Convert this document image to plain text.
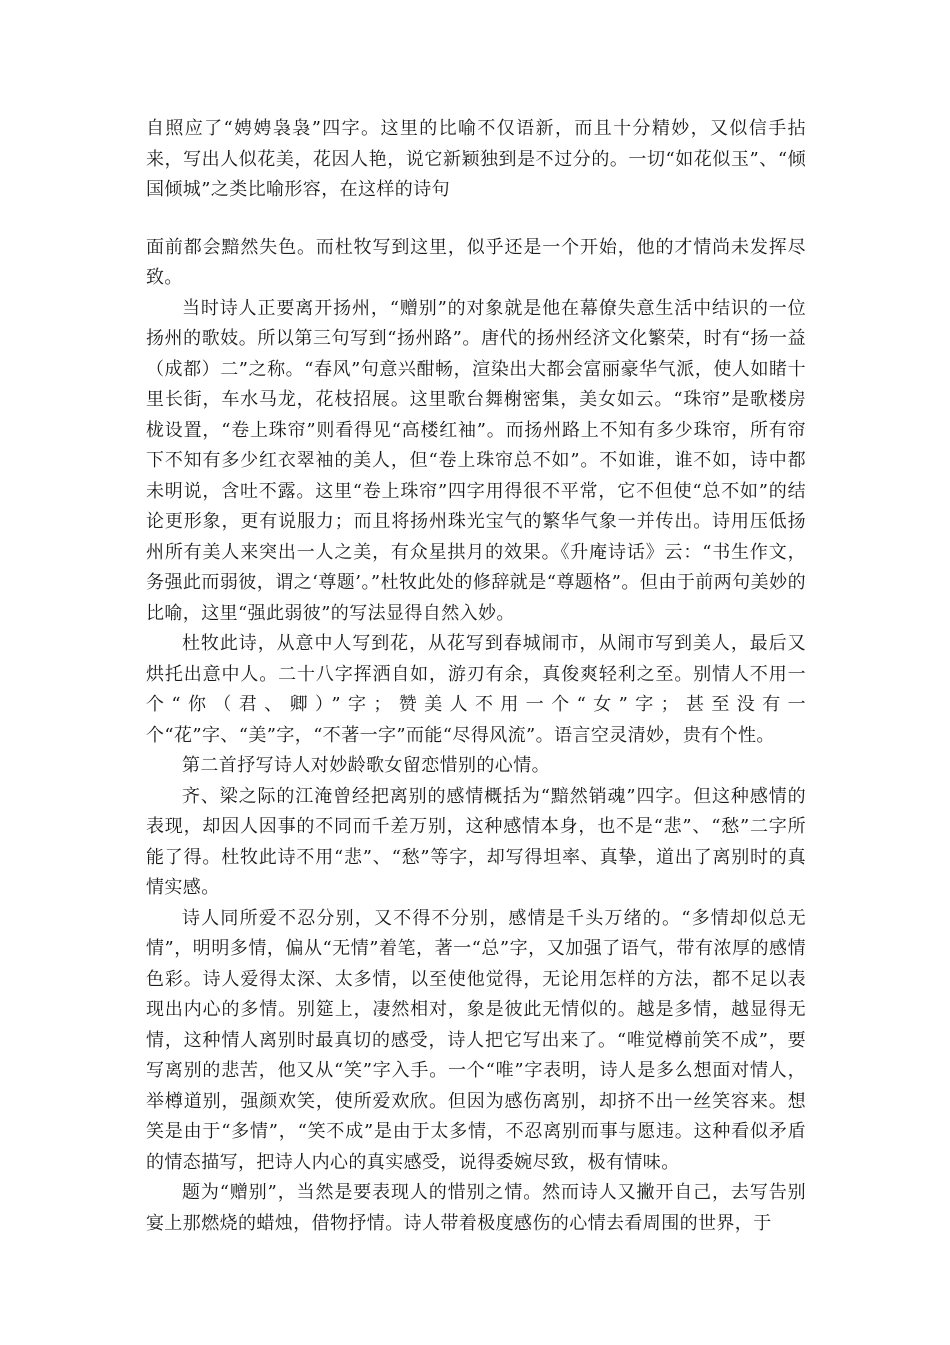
自照应了“娉娉袅袅”四字。这里的比喻不仅语新，而且十分精妙，又似信手拈来，写出人似花美，花因人艳，说它新颖独到是不过分的。一切“如花似玉”、“倾国倾城”之类比喻形容，在这样的诗句

面前都会黯然失色。而杜牧写到这里，似乎还是一个开始，他的才情尚未发挥尽致。

当时诗人正要离开扬州，“赠别”的对象就是他在幕僚失意生活中结识的一位扬州的歌妓。所以第三句写到“扬州路”。唐代的扬州经济文化繁荣，时有“扬一益（成都）二”之称。“春风”句意兴酣畅，渲染出大都会富丽豪华气派，使人如睹十里长街，车水马龙，花枝招展。这里歌台舞榭密集，美女如云。“珠帘”是歌楼房栊设置，“卷上珠帘”则看得见“高楼红袖”。而扬州路上不知有多少珠帘，所有帘下不知有多少红衣翠袖的美人，但“卷上珠帘总不如”。不如谁，谁不如，诗中都未明说，含吐不露。这里“卷上珠帘”四字用得很不平常，它不但使“总不如”的结论更形象，更有说服力；而且将扬州珠光宝气的繁华气象一并传出。诗用压低扬州所有美人来突出一人之美，有众星拱月的效果。《升庵诗话》云：“书生作文，务强此而弱彼，谓之‘尊题’。”杜牧此处的修辞就是“尊题格”。但由于前两句美妙的比喻，这里“强此弱彼”的写法显得自然入妙。

杜牧此诗，从意中人写到花，从花写到春城闹市，从闹市写到美人，最后又烘托出意中人。二十八字挥洒自如，游刃有余，真俊爽轻利之至。别情人不用一个“你（君、卿）”字；赞美人不用一个“女”字；甚至没有一个“花”字、“美”字，“不著一字”而能“尽得风流”。语言空灵清妙，贵有个性。

第二首抒写诗人对妙龄歌女留恋惜别的心情。

齐、梁之际的江淹曾经把离别的感情概括为“黯然销魂”四字。但这种感情的表现，却因人因事的不同而千差万别，这种感情本身，也不是“悲”、“愁”二字所能了得。杜牧此诗不用“悲”、“愁”等字，却写得坦率、真挚，道出了离别时的真情实感。

诗人同所爱不忍分别，又不得不分别，感情是千头万绪的。“多情却似总无情”，明明多情，偏从“无情”着笔，著一“总”字，又加强了语气，带有浓厚的感情色彩。诗人爱得太深、太多情，以至使他觉得，无论用怎样的方法，都不足以表现出内心的多情。别筵上，凄然相对，象是彼此无情似的。越是多情，越显得无情，这种情人离别时最真切的感受，诗人把它写出来了。“唯觉樽前笑不成”，要写离别的悲苦，他又从“笑”字入手。一个“唯”字表明，诗人是多么想面对情人，举樽道别，强颜欢笑，使所爱欢欣。但因为感伤离别，却挤不出一丝笑容来。想笑是由于“多情”，“笑不成”是由于太多情，不忍离别而事与愿违。这种看似矛盾的情态描写，把诗人内心的真实感受，说得委婉尽致，极有情味。

题为“赠别”，当然是要表现人的惜别之情。然而诗人又撇开自己，去写告别宴上那燃烧的蜡烛，借物抒情。诗人带着极度感伤的心情去看周围的世界，于
